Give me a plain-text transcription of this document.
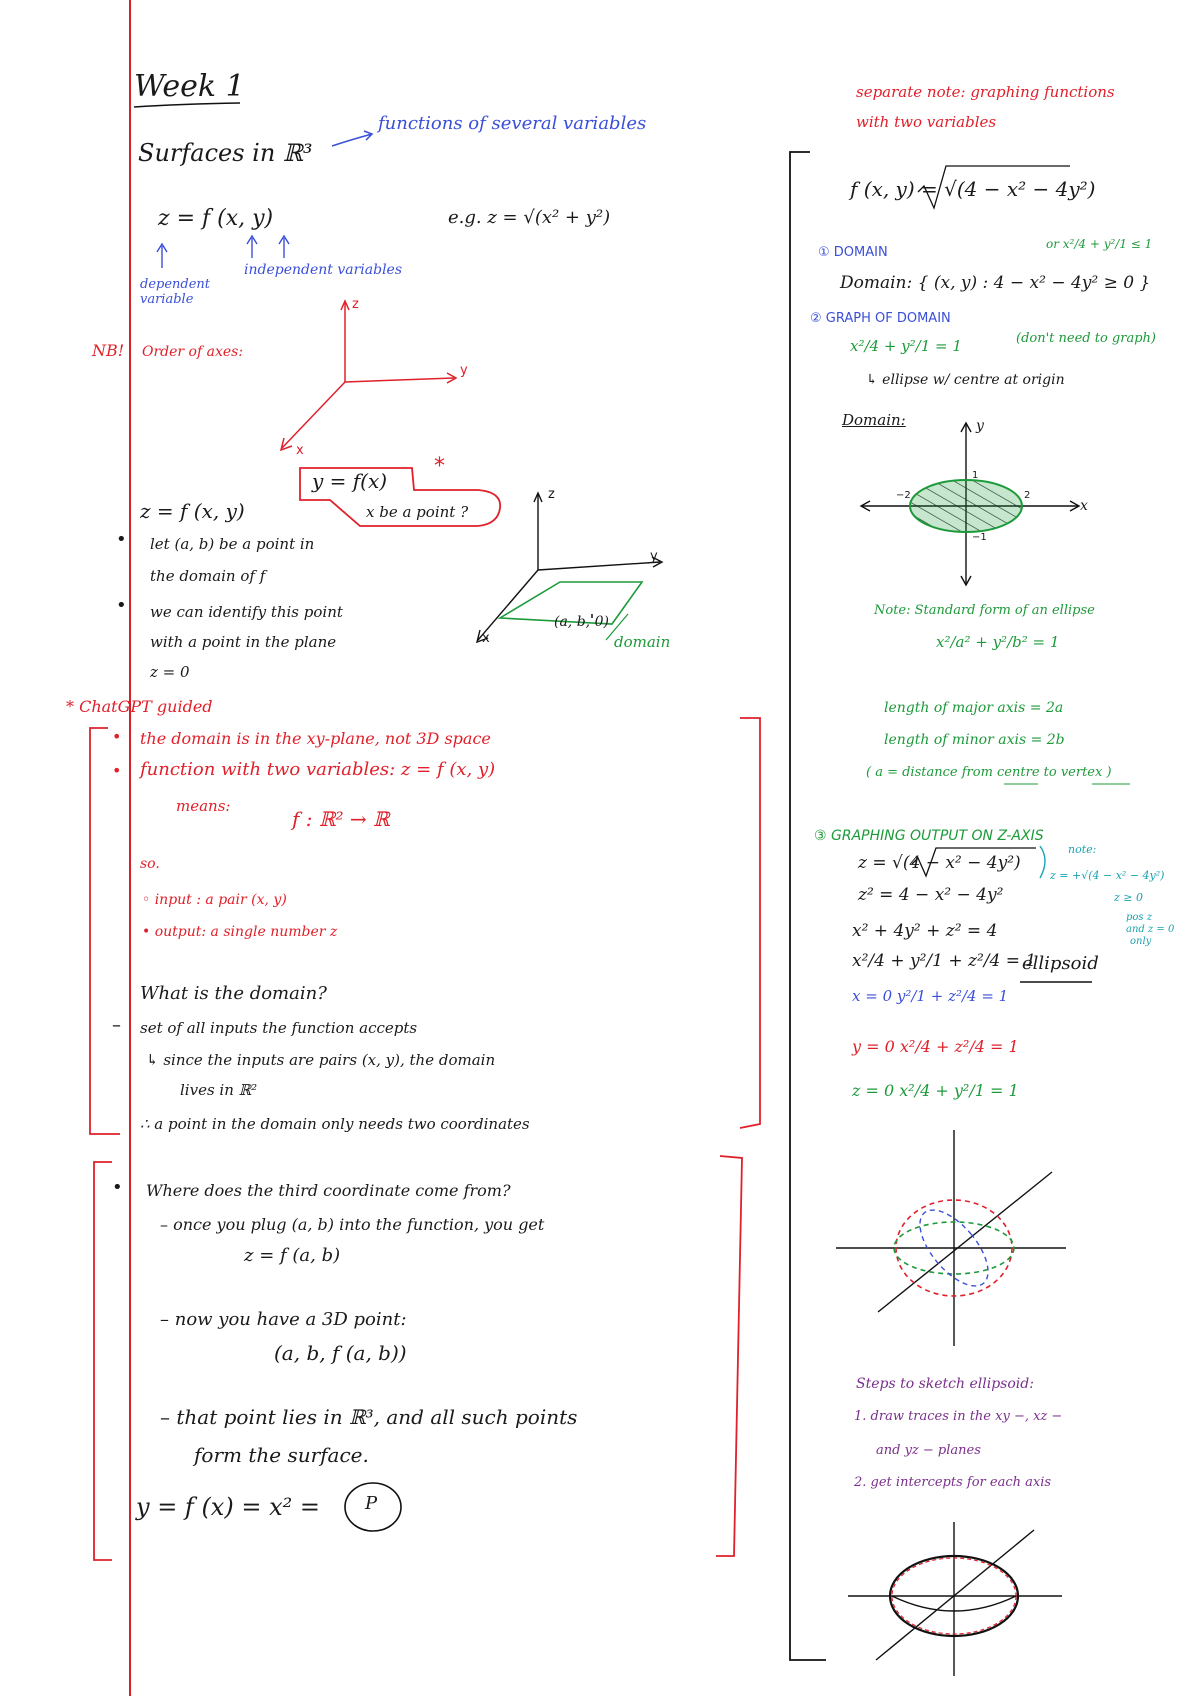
Week 1
Surfaces in ℝ³
functions of several variables
z = f (x, y)	e.g. z = √(x² + y²)
dependent variable
independent variables
NB! Order of axes:
z
y
x
y = f(x)
x be a point ?
*
z = f (x, y)
• let (a, b) be a point in
the domain of f
• we can identify this point
with a point in the plane
z = 0
z
y
x
(a, b, 0)
domain
* ChatGPT guided
• the domain is in the xy-plane, not 3D space
• function with two variables: z = f (x, y)
means:
f : ℝ² → ℝ
so.
◦ input : a pair (x, y)
• output: a single number z
What is the domain?
– set of all inputs the function accepts
↳ since the inputs are pairs (x, y), the domain
lives in ℝ²
∴ a point in the domain only needs two coordinates
• Where does the third coordinate come from?
– once you plug (a, b) into the function, you get
z = f (a, b)
– now you have a 3D point:
(a, b, f (a, b))
– that point lies in ℝ³, and all such points
form the surface.
y = f (x) = x² =	P
separate note: graphing functions
with two variables
f (x, y) = √(4 − x² − 4y²)
① DOMAIN
or x²/4 + y²/1 ≤ 1
Domain: { (x, y) : 4 − x² − 4y² ≥ 0 }
② GRAPH OF DOMAIN
x²/4 + y²/1 = 1	(don't need to graph)
↳ ellipse w/ centre at origin
Domain:	y
x
−2	2
1
−1
Note: Standard form of an ellipse
x²/a² + y²/b² = 1
length of major axis = 2a
length of minor axis = 2b
( a = distance from centre to vertex )
③ GRAPHING OUTPUT ON Z-AXIS
z = √(4 − x² − 4y²)
z² = 4 − x² − 4y²
x² + 4y² + z² = 4
x²/4 + y²/1 + z²/4 = 1
ellipsoid
note:
z = +√(4 − x² − 4y²)
z ≥ 0
pos z
and z = 0
only
x = 0 y²/1 + z²/4 = 1
y = 0 x²/4 + z²/4 = 1
z = 0 x²/4 + y²/1 = 1
Steps to sketch ellipsoid:
1. draw traces in the xy −, xz −
and yz − planes
2. get intercepts for each axis
